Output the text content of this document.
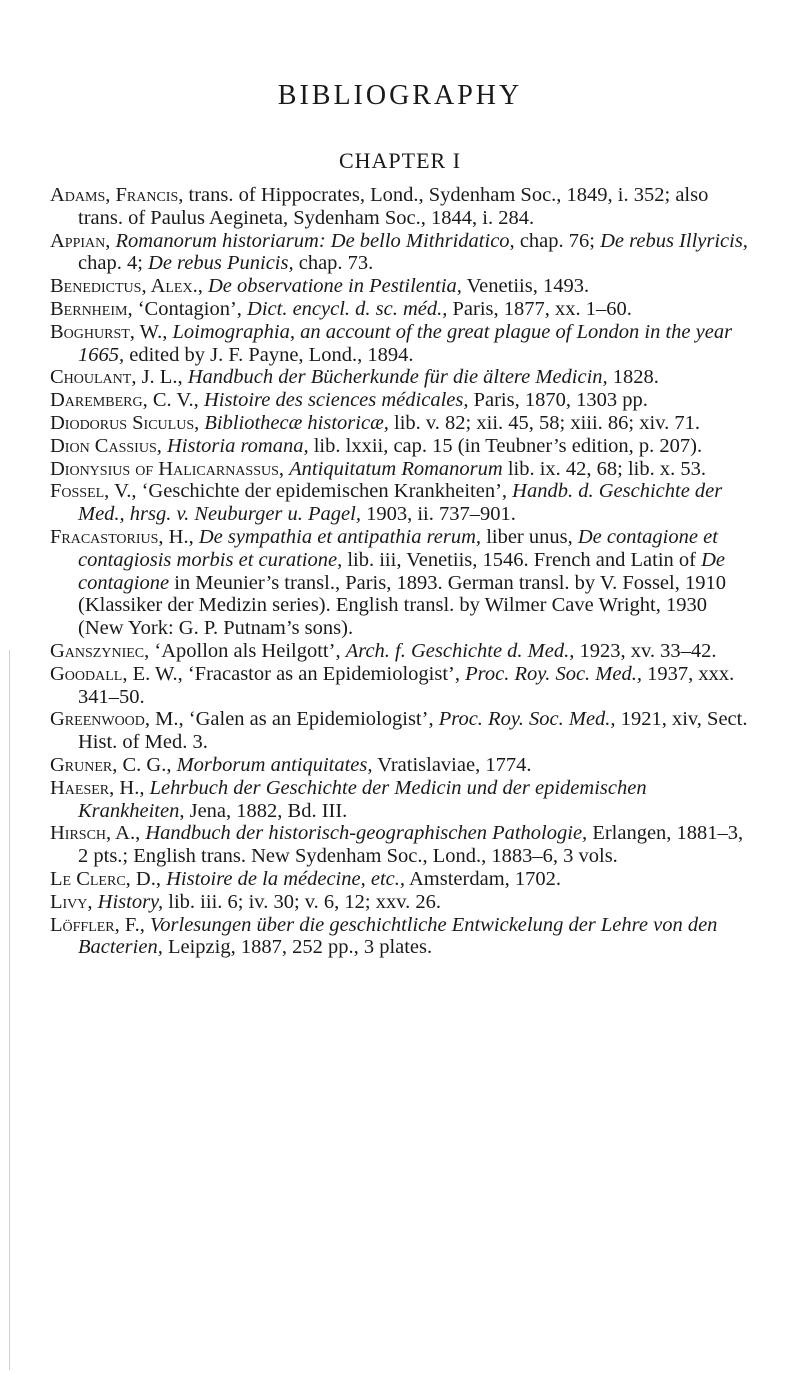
BIBLIOGRAPHY
CHAPTER I

Adams, Francis, trans. of Hippocrates, Lond., Sydenham Soc., 1849, i. 352; also trans. of Paulus Aegineta, Sydenham Soc., 1844, i. 284.

Appian, Romanorum historiarum: De bello Mithridatico, chap. 76; De rebus Illyricis, chap. 4; De rebus Punicis, chap. 73.

Benedictus, Alex., De observatione in Pestilentia, Venetiis, 1493.

Bernheim, ‘Contagion’, Dict. encycl. d. sc. méd., Paris, 1877, xx. 1–60.

Boghurst, W., Loimographia, an account of the great plague of London in the year 1665, edited by J. F. Payne, Lond., 1894.

Choulant, J. L., Handbuch der Bücherkunde für die ältere Medicin, 1828.

Daremberg, C. V., Histoire des sciences médicales, Paris, 1870, 1303 pp.

Diodorus Siculus, Bibliothecæ historicæ, lib. v. 82; xii. 45, 58; xiii. 86; xiv. 71.

Dion Cassius, Historia romana, lib. lxxii, cap. 15 (in Teubner’s edition, p. 207).

Dionysius of Halicarnassus, Antiquitatum Romanorum lib. ix. 42, 68; lib. x. 53.

Fossel, V., ‘Geschichte der epidemischen Krankheiten’, Handb. d. Geschichte der Med., hrsg. v. Neuburger u. Pagel, 1903, ii. 737–901.

Fracastorius, H., De sympathia et antipathia rerum, liber unus, De contagione et contagiosis morbis et curatione, lib. iii, Venetiis, 1546. French and Latin of De contagione in Meunier’s transl., Paris, 1893. German transl. by V. Fossel, 1910 (Klassiker der Medizin series). English transl. by Wilmer Cave Wright, 1930 (New York: G. P. Putnam’s sons).

Ganszyniec, ‘Apollon als Heilgott’, Arch. f. Geschichte d. Med., 1923, xv. 33–42.

Goodall, E. W., ‘Fracastor as an Epidemiologist’, Proc. Roy. Soc. Med., 1937, xxx. 341–50.

Greenwood, M., ‘Galen as an Epidemiologist’, Proc. Roy. Soc. Med., 1921, xiv, Sect. Hist. of Med. 3.

Gruner, C. G., Morborum antiquitates, Vratislaviae, 1774.

Haeser, H., Lehrbuch der Geschichte der Medicin und der epidemischen Krankheiten, Jena, 1882, Bd. III.

Hirsch, A., Handbuch der historisch-geographischen Pathologie, Erlangen, 1881–3, 2 pts.; English trans. New Sydenham Soc., Lond., 1883–6, 3 vols.

Le Clerc, D., Histoire de la médecine, etc., Amsterdam, 1702.

Livy, History, lib. iii. 6; iv. 30; v. 6, 12; xxv. 26.

Löffler, F., Vorlesungen über die geschichtliche Entwickelung der Lehre von den Bacterien, Leipzig, 1887, 252 pp., 3 plates.
